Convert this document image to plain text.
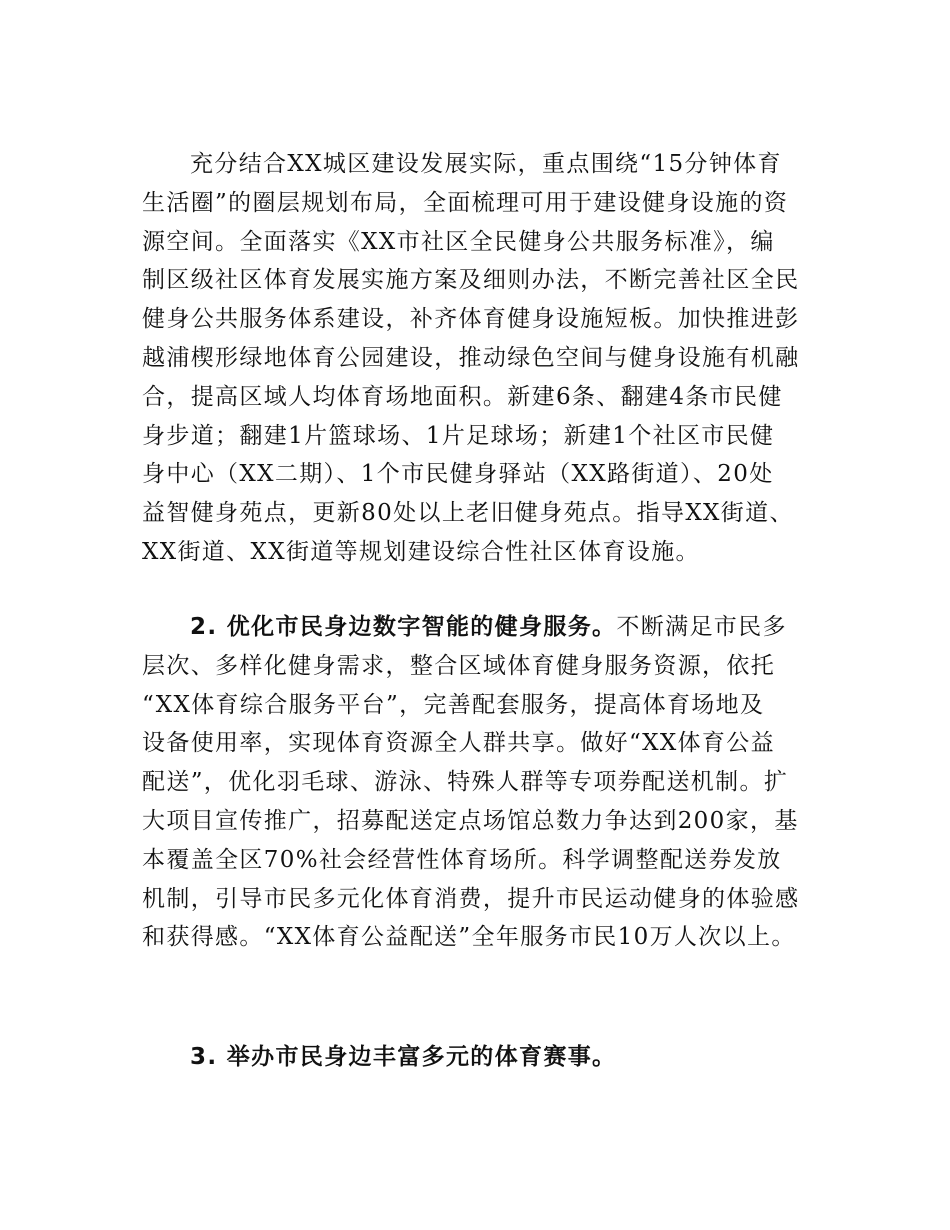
充分结合XX城区建设发展实际，重点围绕“15分钟体育
生活圈”的圈层规划布局，全面梳理可用于建设健身设施的资
源空间。全面落实《XX市社区全民健身公共服务标准》，编
制区级社区体育发展实施方案及细则办法，不断完善社区全民
健身公共服务体系建设，补齐体育健身设施短板。加快推进彭
越浦楔形绿地体育公园建设，推动绿色空间与健身设施有机融
合，提高区域人均体育场地面积。新建6条、翻建4条市民健
身步道；翻建1片篮球场、1片足球场；新建1个社区市民健
身中心（XX二期）、1个市民健身驿站（XX路街道）、20处
益智健身苑点，更新80处以上老旧健身苑点。指导XX街道、
XX街道、XX街道等规划建设综合性社区体育设施。
2. 优化市民身边数字智能的健身服务。不断满足市民多
层次、多样化健身需求，整合区域体育健身服务资源，依托
“XX体育综合服务平台”，完善配套服务，提高体育场地及
设备使用率，实现体育资源全人群共享。做好“XX体育公益
配送”，优化羽毛球、游泳、特殊人群等专项券配送机制。扩
大项目宣传推广，招募配送定点场馆总数力争达到200家，基
本覆盖全区70%社会经营性体育场所。科学调整配送券发放
机制，引导市民多元化体育消费，提升市民运动健身的体验感
和获得感。“XX体育公益配送”全年服务市民10万人次以上。
3. 举办市民身边丰富多元的体育赛事。
